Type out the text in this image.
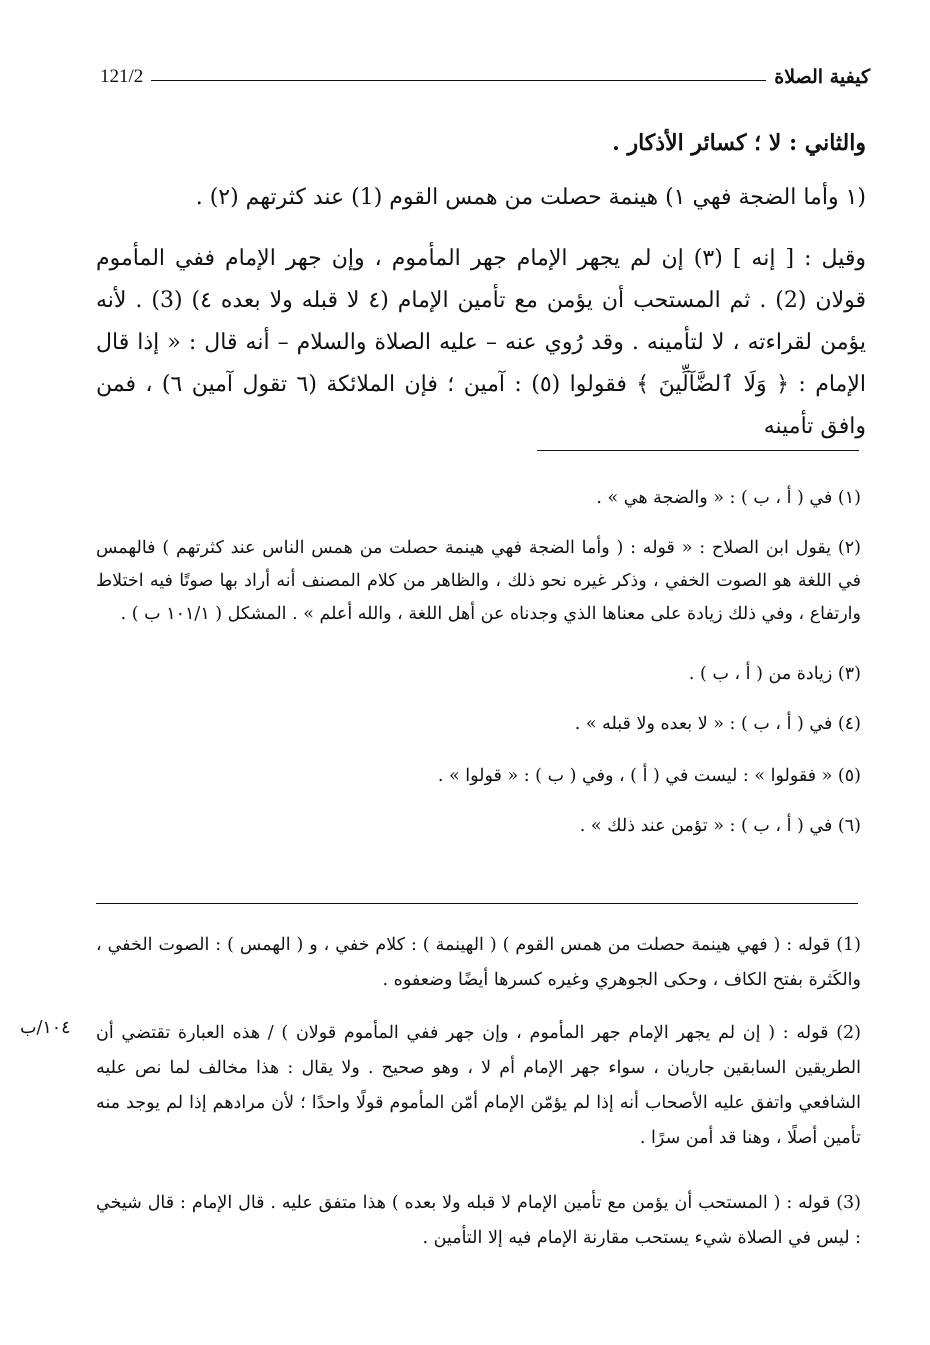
121/2	كيفية الصلاة
والثاني : لا ؛ كسائر الأذكار .
(١ وأما الضجة فهي ١) هينمة حصلت من همس القوم (1) عند كثرتهم (٢) .
وقيل : [ إنه ] (٣) إن لم يجهر الإمام جهر المأموم ، وإن جهر الإمام ففي المأموم قولان (2) . ثم المستحب أن يؤمن مع تأمين الإمام (٤ لا قبله ولا بعده ٤) (3) . لأنه يؤمن لقراءته ، لا لتأمينه . وقد رُوي عنه – عليه الصلاة والسلام – أنه قال : « إذا قال الإمام : ﴿ وَلَا ٱلضَّآلِّينَ ﴾ فقولوا (٥) : آمين ؛ فإن الملائكة (٦ تقول آمين ٦) ، فمن وافق تأمينه
(١) في ( أ ، ب ) : « والضجة هي » .
(٢) يقول ابن الصلاح : « قوله : ( وأما الضجة فهي هينمة حصلت من همس الناس عند كثرتهم ) فالهمس في اللغة هو الصوت الخفي ، وذكر غيره نحو ذلك ، والظاهر من كلام المصنف أنه أراد بها صوتًا فيه اختلاط وارتفاع ، وفي ذلك زيادة على معناها الذي وجدناه عن أهل اللغة ، والله أعلم » . المشكل ( ١٠١/١ ب ) .
(٣) زيادة من ( أ ، ب ) .
(٤) في ( أ ، ب ) : « لا بعده ولا قبله » .
(٥) « فقولوا » : ليست في ( أ ) ، وفي ( ب ) : « قولوا » .
(٦) في ( أ ، ب ) : « تؤمن عند ذلك » .
(1) قوله : ( فهي هينمة حصلت من همس القوم ) ( الهينمة ) : كلام خفي ، و ( الهمس ) : الصوت الخفي ، والكَثرة بفتح الكاف ، وحكى الجوهري وغيره كسرها أيضًا وضعفوه .
(2) قوله : ( إن لم يجهر الإمام جهر المأموم ، وإن جهر ففي المأموم قولان ) / هذه العبارة تقتضي أن الطريقين السابقين جاريان ، سواء جهر الإمام أم لا ، وهو صحيح . ولا يقال : هذا مخالف لما نص عليه الشافعي واتفق عليه الأصحاب أنه إذا لم يؤمّن الإمام أمّن المأموم قولًا واحدًا ؛ لأن مرادهم إذا لم يوجد منه تأمين أصلًا ، وهنا قد أمن سرًا .
(3) قوله : ( المستحب أن يؤمن مع تأمين الإمام لا قبله ولا بعده ) هذا متفق عليه . قال الإمام : قال شيخي : ليس في الصلاة شيء يستحب مقارنة الإمام فيه إلا التأمين .
١٠٤/ب
